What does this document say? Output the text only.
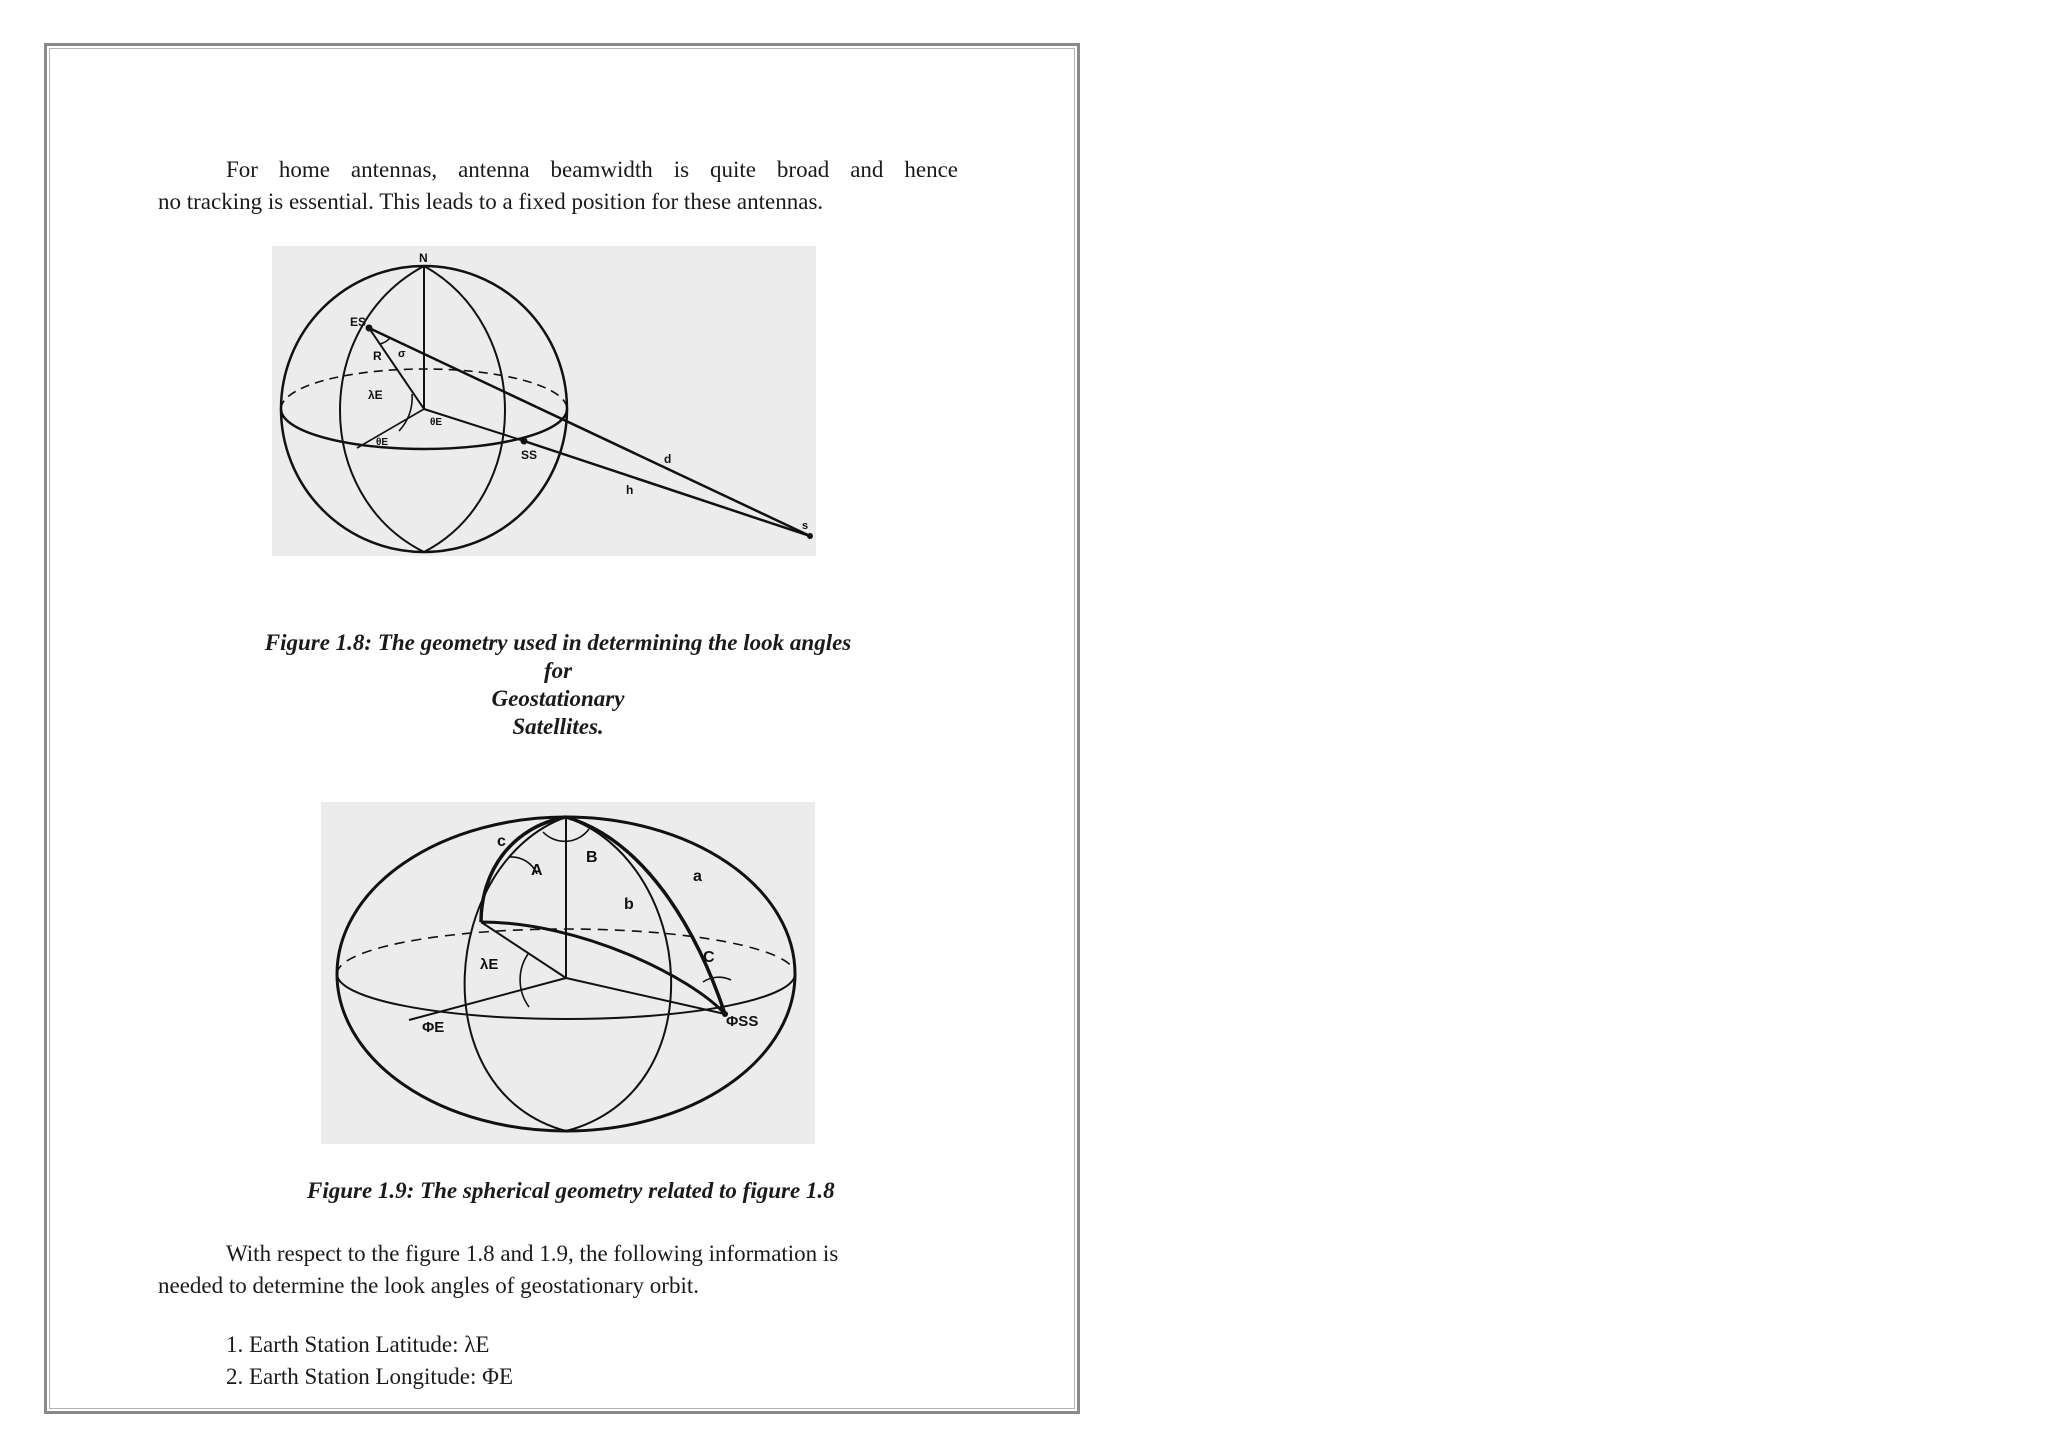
For home antennas, antenna beamwidth is quite broad and hence
no tracking is essential. This leads to a fixed position for these antennas.

N
ES
R σ
λE
θE
θE
SS	d
h
s

Figure 1.8: The geometry used in determining the look angles
for
Geostationary
Satellites.

c
A
B
a
b
C
λE
ΦE	ΦSS

Figure 1.9: The spherical geometry related to figure 1.8

With respect to the figure 1.8 and 1.9, the following information is
needed to determine the look angles of geostationary orbit.

1. Earth Station Latitude: λE
2. Earth Station Longitude: ΦE
